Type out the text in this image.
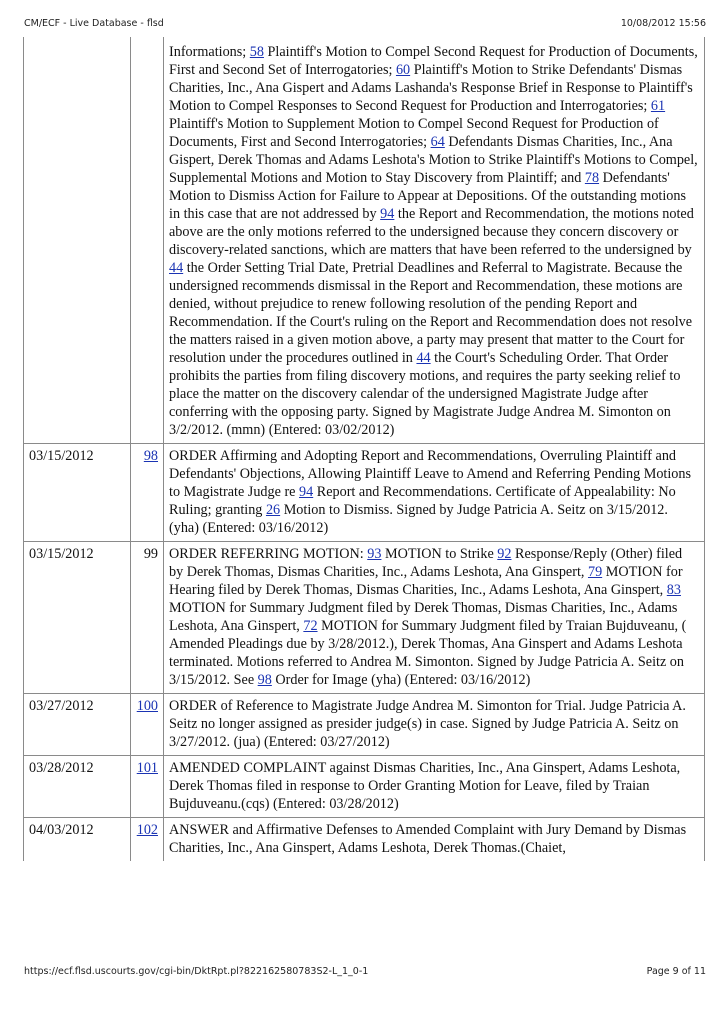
CM/ECF - Live Database - flsd	10/08/2012 15:56
		Informations; 58 Plaintiff's Motion to Compel Second Request for Production of Documents, First and Second Set of Interrogatories; 60 Plaintiff's Motion to Strike Defendants' Dismas Charities, Inc., Ana Gispert and Adams Lashanda's Response Brief in Response to Plaintiff's Motion to Compel Responses to Second Request for Production and Interrogatories; 61 Plaintiff's Motion to Supplement Motion to Compel Second Request for Production of Documents, First and Second Interrogatories; 64 Defendants Dismas Charities, Inc., Ana Gispert, Derek Thomas and Adams Leshota's Motion to Strike Plaintiff's Motions to Compel, Supplemental Motions and Motion to Stay Discovery from Plaintiff; and 78 Defendants' Motion to Dismiss Action for Failure to Appear at Depositions. Of the outstanding motions in this case that are not addressed by 94 the Report and Recommendation, the motions noted above are the only motions referred to the undersigned because they concern discovery or discovery-related sanctions, which are matters that have been referred to the undersigned by 44 the Order Setting Trial Date, Pretrial Deadlines and Referral to Magistrate. Because the undersigned recommends dismissal in the Report and Recommendation, these motions are denied, without prejudice to renew following resolution of the pending Report and Recommendation. If the Court's ruling on the Report and Recommendation does not resolve the matters raised in a given motion above, a party may present that matter to the Court for resolution under the procedures outlined in 44 the Court's Scheduling Order. That Order prohibits the parties from filing discovery motions, and requires the party seeking relief to place the matter on the discovery calendar of the undersigned Magistrate Judge after conferring with the opposing party. Signed by Magistrate Judge Andrea M. Simonton on 3/2/2012. (mmn) (Entered: 03/02/2012)
03/15/2012	98	ORDER Affirming and Adopting Report and Recommendations, Overruling Plaintiff and Defendants' Objections, Allowing Plaintiff Leave to Amend and Referring Pending Motions to Magistrate Judge re 94 Report and Recommendations. Certificate of Appealability: No Ruling; granting 26 Motion to Dismiss. Signed by Judge Patricia A. Seitz on 3/15/2012. (yha) (Entered: 03/16/2012)
03/15/2012	99	ORDER REFERRING MOTION: 93 MOTION to Strike 92 Response/Reply (Other) filed by Derek Thomas, Dismas Charities, Inc., Adams Leshota, Ana Ginspert, 79 MOTION for Hearing filed by Derek Thomas, Dismas Charities, Inc., Adams Leshota, Ana Ginspert, 83 MOTION for Summary Judgment filed by Derek Thomas, Dismas Charities, Inc., Adams Leshota, Ana Ginspert, 72 MOTION for Summary Judgment filed by Traian Bujduveanu, ( Amended Pleadings due by 3/28/2012.), Derek Thomas, Ana Ginspert and Adams Leshota terminated. Motions referred to Andrea M. Simonton. Signed by Judge Patricia A. Seitz on 3/15/2012. See 98 Order for Image (yha) (Entered: 03/16/2012)
03/27/2012	100	ORDER of Reference to Magistrate Judge Andrea M. Simonton for Trial. Judge Patricia A. Seitz no longer assigned as presider judge(s) in case. Signed by Judge Patricia A. Seitz on 3/27/2012. (jua) (Entered: 03/27/2012)
03/28/2012	101	AMENDED COMPLAINT against Dismas Charities, Inc., Ana Ginspert, Adams Leshota, Derek Thomas filed in response to Order Granting Motion for Leave, filed by Traian Bujduveanu.(cqs) (Entered: 03/28/2012)
04/03/2012	102	ANSWER and Affirmative Defenses to Amended Complaint with Jury Demand by Dismas Charities, Inc., Ana Ginspert, Adams Leshota, Derek Thomas.(Chaiet,
https://ecf.flsd.uscourts.gov/cgi-bin/DktRpt.pl?822162580783S2-L_1_0-1	Page 9 of 11
